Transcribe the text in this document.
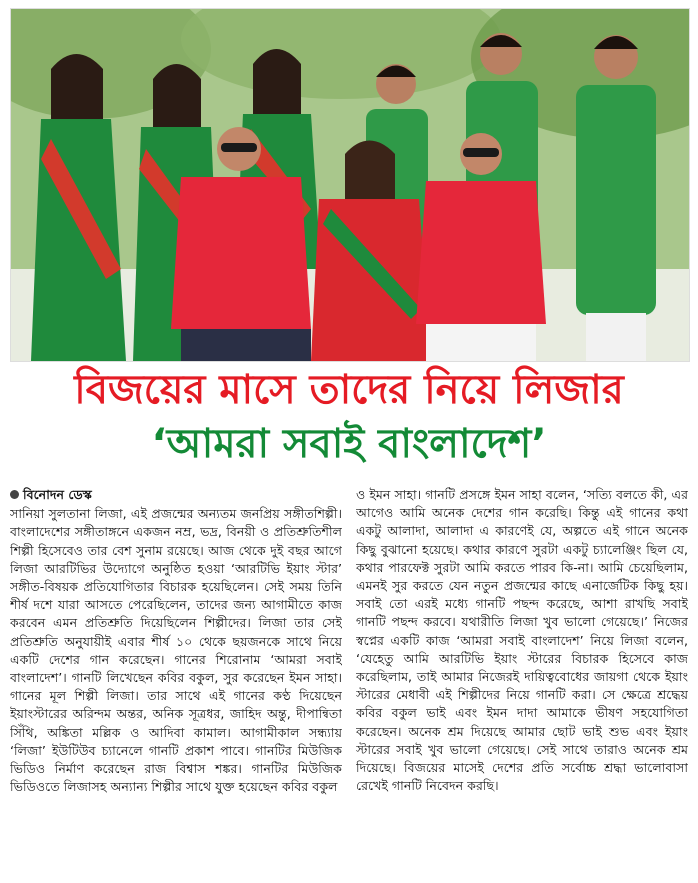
বিজয়ের মাসে তাদের নিয়ে লিজার
‘আমরা সবাই বাংলাদেশ’
বিনোদন ডেস্ক

সানিয়া সুলতানা লিজা, এই প্রজন্মের অন্যতম জনপ্রিয় সঙ্গীতশিল্পী। বাংলাদেশের সঙ্গীতাঙ্গনে একজন নম্র, ভদ্র, বিনয়ী ও প্রতিশ্রুতিশীল শিল্পী হিসেবেও তার বেশ সুনাম রয়েছে। আজ থেকে দুই বছর আগে লিজা আরটিভির উদ্যোগে অনুষ্ঠিত হওয়া ‘আরটিভি ইয়াং স্টার’ সঙ্গীত-বিষয়ক প্রতিযোগিতার বিচারক হয়েছিলেন। সেই সময় তিনি শীর্ষ দশে যারা আসতে পেরেছিলেন, তাদের জন্য আগামীতে কাজ করবেন এমন প্রতিশ্রুতি দিয়েছিলেন শিল্পীদের। লিজা তার সেই প্রতিশ্রুতি অনুযায়ীই এবার শীর্ষ ১০ থেকে ছয়জনকে সাথে নিয়ে একটি দেশের গান করেছেন। গানের শিরোনাম ‘আমরা সবাই বাংলাদেশ’। গানটি লিখেছেন কবির বকুল, সুর করেছেন ইমন সাহা। গানের মূল শিল্পী লিজা। তার সাথে এই গানের কণ্ঠ দিয়েছেন ইয়াংস্টারের অরিন্দম অন্তর, অনিক সূত্রধর, জাহিদ অন্তু, দীপান্বিতা সিঁথি, অঙ্কিতা মল্লিক ও আদিবা কামাল। আগামীকাল সন্ধ্যায় ‘লিজা’ ইউটিউব চ্যানেলে গানটি প্রকাশ পাবে। গানটির মিউজিক ভিডিও নির্মাণ করেছেন রাজ বিশ্বাস শঙ্কর। গানটির মিউজিক ভিডিওতে লিজাসহ অন্যান্য শিল্পীর সাথে যুক্ত হয়েছেন কবির বকুল

ও ইমন সাহা। গানটি প্রসঙ্গে ইমন সাহা বলেন, ‘সত্যি বলতে কী, এর আগেও আমি অনেক দেশের গান করেছি। কিন্তু এই গানের কথা একটু আলাদা, আলাদা এ কারণেই যে, অল্পতে এই গানে অনেক কিছু বুঝানো হয়েছে। কথার কারণে সুরটা একটু চ্যালেঞ্জিং ছিল যে, কথার পারফেক্ট সুরটা আমি করতে পারব কি-না। আমি চেয়েছিলাম, এমনই সুর করতে যেন নতুন প্রজন্মের কাছে এনার্জেটিক কিছু হয়। সবাই তো এরই মধ্যে গানটি পছন্দ করেছে, আশা রাখছি সবাই গানটি পছন্দ করবে। যথারীতি লিজা খুব ভালো গেয়েছে।’ নিজের স্বপ্নের একটি কাজ ‘আমরা সবাই বাংলাদেশ’ নিয়ে লিজা বলেন, ‘যেহেতু আমি আরটিভি ইয়াং স্টারের বিচারক হিসেবে কাজ করেছিলাম, তাই আমার নিজেরই দায়িত্ববোধের জায়গা থেকে ইয়াং স্টারের মেধাবী এই শিল্পীদের নিয়ে গানটি করা। সে ক্ষেত্রে শ্রদ্ধেয় কবির বকুল ভাই এবং ইমন দাদা আমাকে ভীষণ সহযোগিতা করেছেন। অনেক শ্রম দিয়েছে আমার ছোট ভাই শুভ এবং ইয়াং স্টারের সবাই খুব ভালো গেয়েছে। সেই সাথে তারাও অনেক শ্রম দিয়েছে। বিজয়ের মাসেই দেশের প্রতি সর্বোচ্চ শ্রদ্ধা ভালোবাসা রেখেই গানটি নিবেদন করছি।
